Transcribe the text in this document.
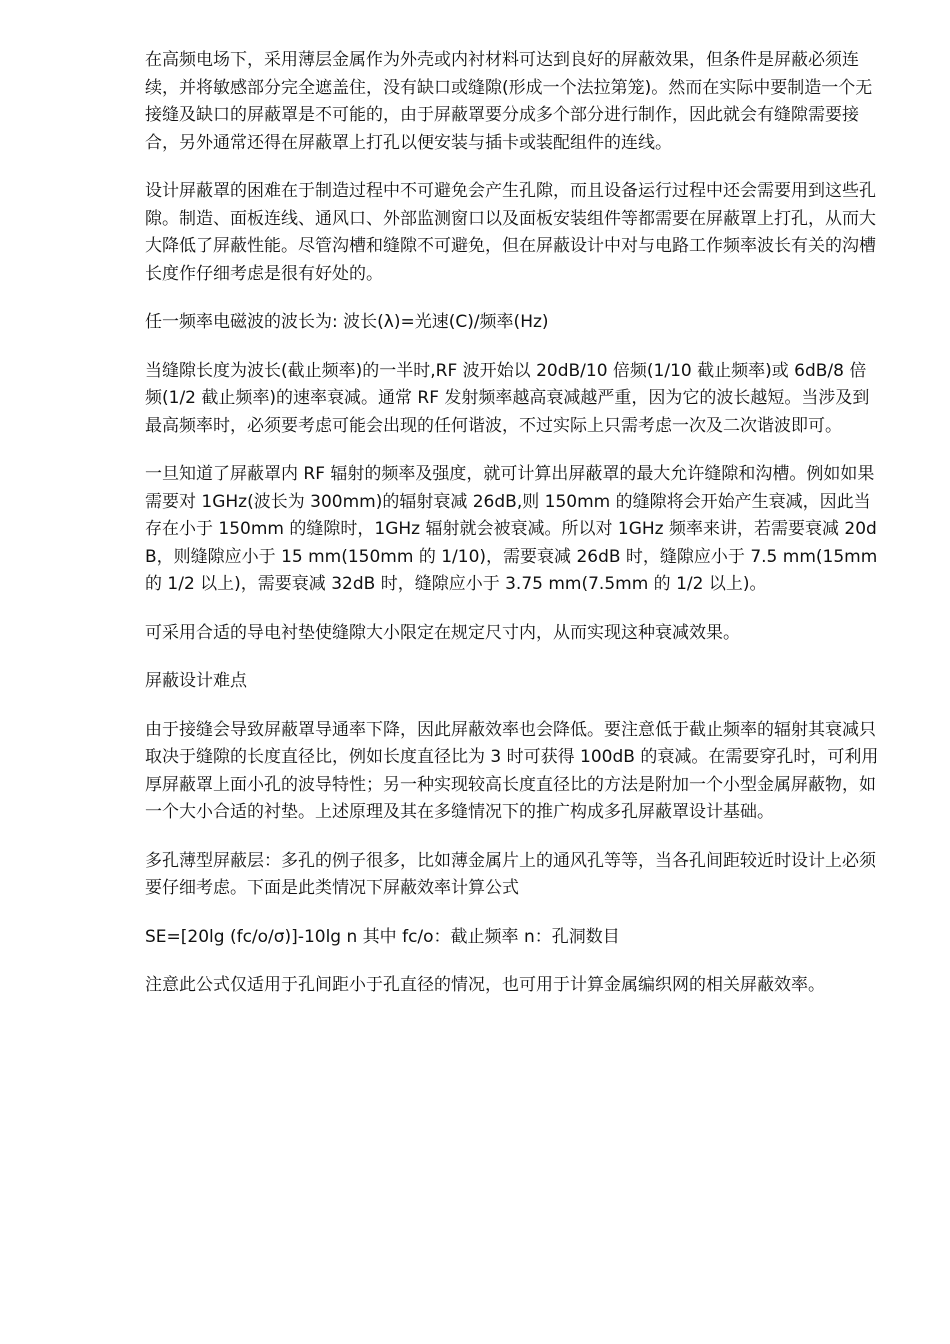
在高频电场下，采用薄层金属作为外壳或内衬材料可达到良好的屏蔽效果，但条件是屏蔽必须连续，并将敏感部分完全遮盖住，没有缺口或缝隙(形成一个法拉第笼)。然而在实际中要制造一个无接缝及缺口的屏蔽罩是不可能的，由于屏蔽罩要分成多个部分进行制作，因此就会有缝隙需要接合，另外通常还得在屏蔽罩上打孔以便安装与插卡或装配组件的连线。

设计屏蔽罩的困难在于制造过程中不可避免会产生孔隙，而且设备运行过程中还会需要用到这些孔隙。制造、面板连线、通风口、外部监测窗口以及面板安装组件等都需要在屏蔽罩上打孔，从而大大降低了屏蔽性能。尽管沟槽和缝隙不可避免，但在屏蔽设计中对与电路工作频率波长有关的沟槽长度作仔细考虑是很有好处的。

任一频率电磁波的波长为: 波长(λ)=光速(C)/频率(Hz)

当缝隙长度为波长(截止频率)的一半时,RF 波开始以 20dB/10 倍频(1/10 截止频率)或 6dB/8 倍频(1/2 截止频率)的速率衰减。通常 RF 发射频率越高衰减越严重，因为它的波长越短。当涉及到最高频率时，必须要考虑可能会出现的任何谐波，不过实际上只需考虑一次及二次谐波即可。

一旦知道了屏蔽罩内 RF 辐射的频率及强度，就可计算出屏蔽罩的最大允许缝隙和沟槽。例如如果需要对 1GHz(波长为 300mm)的辐射衰减 26dB,则 150mm 的缝隙将会开始产生衰减，因此当存在小于 150mm 的缝隙时，1GHz 辐射就会被衰减。所以对 1GHz 频率来讲，若需要衰减 20dB，则缝隙应小于 15 mm(150mm 的 1/10)，需要衰减 26dB 时，缝隙应小于 7.5 mm(15mm 的 1/2 以上)，需要衰减 32dB 时，缝隙应小于 3.75 mm(7.5mm 的 1/2 以上)。

可采用合适的导电衬垫使缝隙大小限定在规定尺寸内，从而实现这种衰减效果。

屏蔽设计难点

由于接缝会导致屏蔽罩导通率下降，因此屏蔽效率也会降低。要注意低于截止频率的辐射其衰减只取决于缝隙的长度直径比，例如长度直径比为 3 时可获得 100dB 的衰减。在需要穿孔时，可利用厚屏蔽罩上面小孔的波导特性；另一种实现较高长度直径比的方法是附加一个小型金属屏蔽物，如一个大小合适的衬垫。上述原理及其在多缝情况下的推广构成多孔屏蔽罩设计基础。

多孔薄型屏蔽层：多孔的例子很多，比如薄金属片上的通风孔等等，当各孔间距较近时设计上必须要仔细考虑。下面是此类情况下屏蔽效率计算公式

SE=[20lg (fc/o/σ)]-10lg n 其中 fc/o：截止频率 n：孔洞数目

注意此公式仅适用于孔间距小于孔直径的情况，也可用于计算金属编织网的相关屏蔽效率。
